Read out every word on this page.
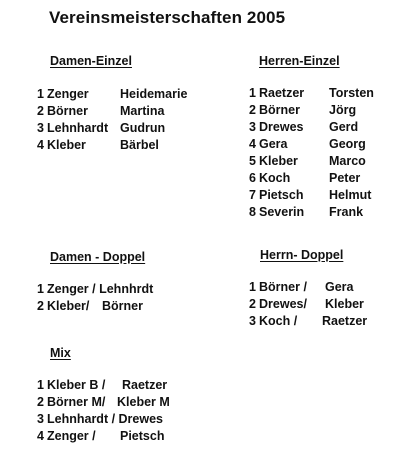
Vereinsmeisterschaften 2005
Damen-Einzel
1 Zenger	Heidemarie
2 Börner	Martina
3 Lehnhardt Gudrun
4 Kleber	Bärbel
Herren-Einzel
1 Raetzer Torsten
2 Börner Jörg
3 Drewes Gerd
4 Gera	Georg
5 Kleber Marco
6 Koch	Peter
7 Pietsch Helmut
8 Severin Frank
Damen - Doppel
1 Zenger / Lehnhrdt
2 Kleber/ Börner
Herrn- Doppel
1 Börner / Gera
2 Drewes/ Kleber
3 Koch / Raetzer
Mix
1 Kleber B / Raetzer
2 Börner M/ Kleber M
3 Lehnhardt / Drewes
4 Zenger / Pietsch
